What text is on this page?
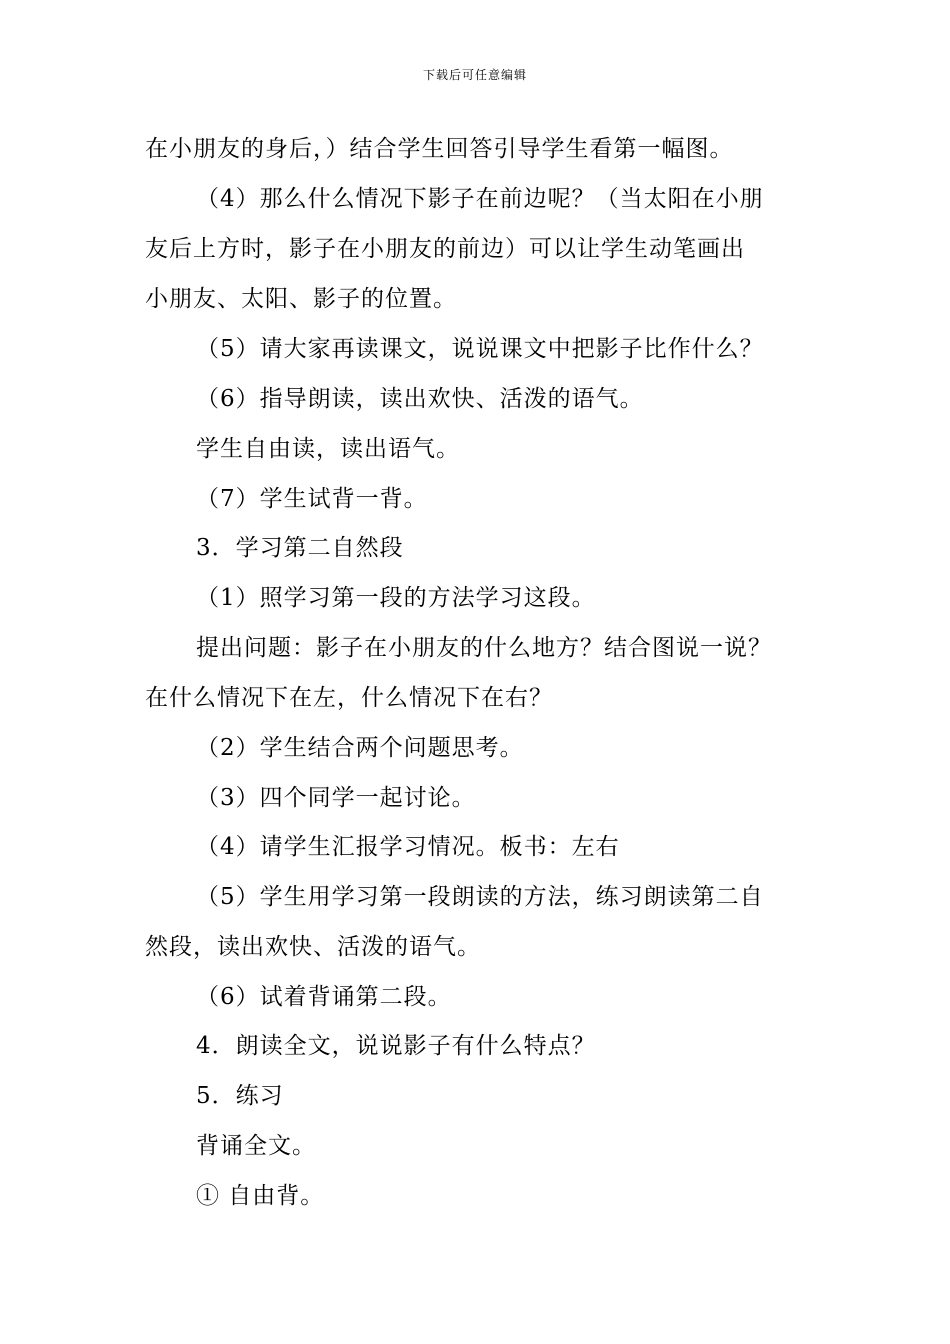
下载后可任意编辑
在小朋友的身后，）结合学生回答引导学生看第一幅图。
（4）那么什么情况下影子在前边呢？（当太阳在小朋
友后上方时，影子在小朋友的前边）可以让学生动笔画出
小朋友、太阳、影子的位置。
（5）请大家再读课文，说说课文中把影子比作什么？
（6）指导朗读，读出欢快、活泼的语气。
学生自由读，读出语气。
（7）学生试背一背。
3．学习第二自然段
（1）照学习第一段的方法学习这段。
提出问题：影子在小朋友的什么地方？结合图说一说？
在什么情况下在左，什么情况下在右？
（2）学生结合两个问题思考。
（3）四个同学一起讨论。
（4）请学生汇报学习情况。板书：左右
（5）学生用学习第一段朗读的方法，练习朗读第二自
然段，读出欢快、活泼的语气。
（6）试着背诵第二段。
4．朗读全文，说说影子有什么特点？
5．练习
背诵全文。
① 自由背。
